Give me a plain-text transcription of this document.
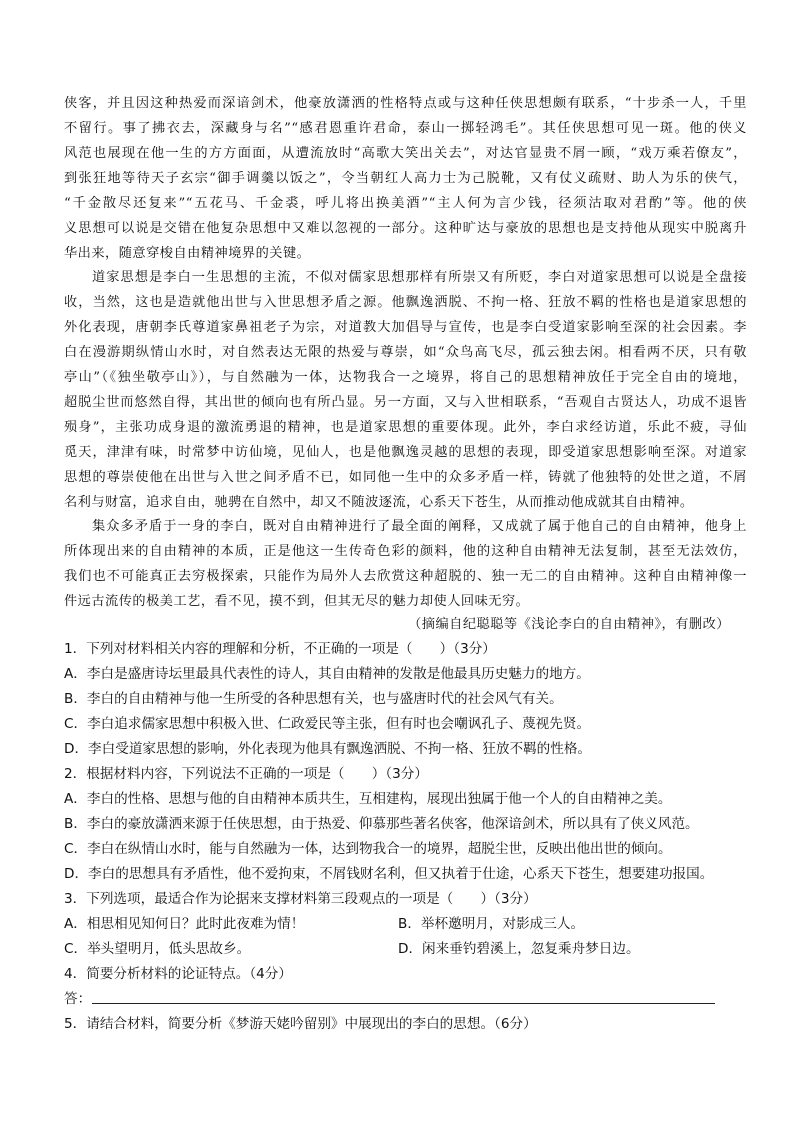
侠客，并且因这种热爱而深谙剑术，他豪放潇洒的性格特点或与这种任侠思想颇有联系，“十步杀一人，千里
不留行。事了拂衣去，深藏身与名”“感君恩重许君命，泰山一掷轻鸿毛”。其任侠思想可见一斑。他的侠义
风范也展现在他一生的方方面面，从遭流放时“高歌大笑出关去”，对达官显贵不屑一顾，“戏万乘若僚友”，
到张狂地等待天子玄宗“御手调羹以饭之”，令当朝红人高力士为己脱靴，又有仗义疏财、助人为乐的侠气，
“千金散尽还复来”“五花马、千金裘，呼儿将出换美酒”“主人何为言少钱，径须沽取对君酌”等。他的侠
义思想可以说是交错在他复杂思想中又难以忽视的一部分。这种旷达与豪放的思想也是支持他从现实中脱离升
华出来，随意穿梭自由精神境界的关键。
道家思想是李白一生思想的主流，不似对儒家思想那样有所崇又有所贬，李白对道家思想可以说是全盘接
收，当然，这也是造就他出世与入世思想矛盾之源。他飘逸洒脱、不拘一格、狂放不羁的性格也是道家思想的
外化表现，唐朝李氏尊道家鼻祖老子为宗，对道教大加倡导与宣传，也是李白受道家影响至深的社会因素。李
白在漫游期纵情山水时，对自然表达无限的热爱与尊崇，如“众鸟高飞尽，孤云独去闲。相看两不厌，只有敬
亭山”（《独坐敬亭山》），与自然融为一体，达物我合一之境界，将自己的思想精神放任于完全自由的境地，
超脱尘世而悠然自得，其出世的倾向也有所凸显。另一方面，又与入世相联系，“吾观自古贤达人，功成不退皆
殒身”，主张功成身退的激流勇退的精神，也是道家思想的重要体现。此外，李白求经访道，乐此不疲，寻仙
觅天，津津有味，时常梦中访仙境，见仙人，也是他飘逸灵越的思想的表现，即受道家思想影响至深。对道家
思想的尊崇使他在出世与入世之间矛盾不已，如同他一生中的众多矛盾一样，铸就了他独特的处世之道，不屑
名利与财富，追求自由，驰骋在自然中，却又不随波逐流，心系天下苍生，从而推动他成就其自由精神。
集众多矛盾于一身的李白，既对自由精神进行了最全面的阐释，又成就了属于他自己的自由精神，他身上
所体现出来的自由精神的本质，正是他这一生传奇色彩的颜料，他的这种自由精神无法复制，甚至无法效仿，
我们也不可能真正去穷极探索，只能作为局外人去欣赏这种超脱的、独一无二的自由精神。这种自由精神像一
件远古流传的极美工艺，看不见，摸不到，但其无尽的魅力却使人回味无穷。
（摘编自纪聪聪等《浅论李白的自由精神》，有删改）
1．下列对材料相关内容的理解和分析，不正确的一项是（　　）（3分）
A．李白是盛唐诗坛里最具代表性的诗人，其自由精神的发散是他最具历史魅力的地方。
B．李白的自由精神与他一生所受的各种思想有关，也与盛唐时代的社会风气有关。
C．李白追求儒家思想中积极入世、仁政爱民等主张，但有时也会嘲讽孔子、蔑视先贤。
D．李白受道家思想的影响，外化表现为他具有飘逸洒脱、不拘一格、狂放不羁的性格。
2．根据材料内容，下列说法不正确的一项是（　　）（3分）
A．李白的性格、思想与他的自由精神本质共生，互相建构，展现出独属于他一个人的自由精神之美。
B．李白的豪放潇洒来源于任侠思想，由于热爱、仰慕那些著名侠客，他深谙剑术，所以具有了侠义风范。
C．李白在纵情山水时，能与自然融为一体，达到物我合一的境界，超脱尘世，反映出他出世的倾向。
D．李白的思想具有矛盾性，他不爱拘束，不屑钱财名利，但又执着于仕途，心系天下苍生，想要建功报国。
3．下列选项，最适合作为论据来支撑材料第三段观点的一项是（　　）（3分）
A．相思相见知何日？此时此夜难为情！	B．举杯邀明月，对影成三人。
C．举头望明月，低头思故乡。	D．闲来垂钓碧溪上，忽复乘舟梦日边。
4．简要分析材料的论证特点。（4分）
答：
5．请结合材料，简要分析《梦游天姥吟留别》中展现出的李白的思想。（6分）
